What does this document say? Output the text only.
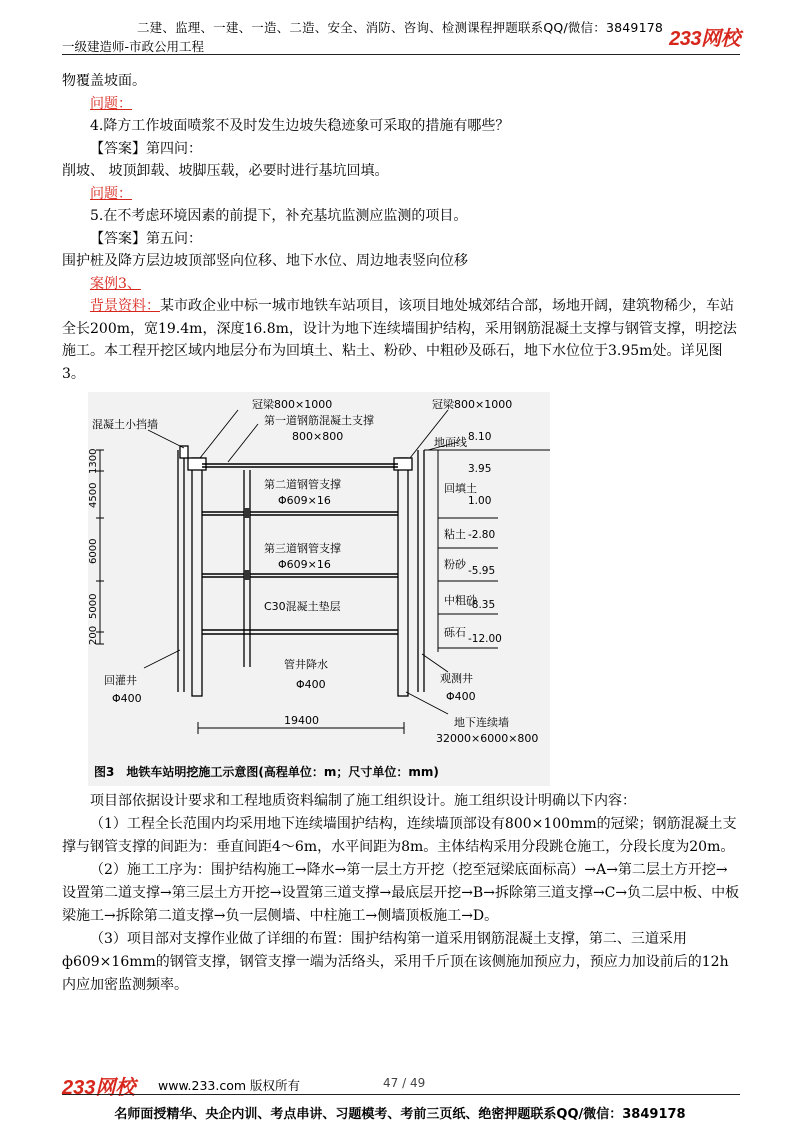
二建、监理、一建、一造、二造、安全、消防、咨询、检测课程押题联系QQ/微信：3849178
一级建造师-市政公用工程	233网校

物覆盖坡面。

问题：

4.降方工作坡面喷浆不及时发生边坡失稳迹象可采取的措施有哪些？

【答案】第四问：

削坡、 坡顶卸载、坡脚压载，必要时进行基坑回填。

问题：

5.在不考虑环境因素的前提下，补充基坑监测应监测的项目。

【答案】第五问：

围护桩及降方层边坡顶部竖向位移、地下水位、周边地表竖向位移

案例3、

背景资料：某市政企业中标一城市地铁车站项目，该项目地处城郊结合部，场地开阔，建筑物稀少，车站全长200m，宽19.4m，深度16.8m，设计为地下连续墙围护结构，采用钢筋混凝土支撑与钢管支撑，明挖法施工。本工程开挖区域内地层分布为回填土、粘土、粉砂、中粗砂及砾石，地下水位位于3.95m处。详见图3。

1300
4500
6000
5000
200
冠梁800×1000	冠梁800×1000
混凝土小挡墙	第一道钢筋混凝土支撑
800×800
第二道钢管支撑
Φ609×16
第三道钢管支撑
Φ609×16
C30混凝土垫层
管井降水
Φ400
回灌井
Φ400
观测井
Φ400
地下连续墙
32000×6000×800
地面线
19400
8.10
3.95
1.00
-2.80
-5.95
-8.35
-12.00
回填土
粘土
粉砂
中粗砂
砾石
图3　地铁车站明挖施工示意图(高程单位：m；尺寸单位：mm)

项目部依据设计要求和工程地质资料编制了施工组织设计。施工组织设计明确以下内容：

（1）工程全长范围内均采用地下连续墙围护结构，连续墙顶部设有800×100mm的冠梁；钢筋混凝土支撑与钢管支撑的间距为：垂直间距4～6m，水平间距为8m。主体结构采用分段跳仓施工，分段长度为20m。

（2）施工工序为：围护结构施工→降水→第一层土方开挖（挖至冠梁底面标高）→A→第二层土方开挖→设置第二道支撑→第三层土方开挖→设置第三道支撑→最底层开挖→B→拆除第三道支撑→C→负二层中板、中板梁施工→拆除第二道支撑→负一层侧墙、中柱施工→侧墙顶板施工→D。

（3）项目部对支撑作业做了详细的布置：围护结构第一道采用钢筋混凝土支撑，第二、三道采用ф609×16mm的钢管支撑，钢管支撑一端为活络头，采用千斤顶在该侧施加预应力，预应力加设前后的12h内应加密监测频率。

233网校 www.233.com 版权所有	47 / 49
名师面授精华、央企内训、考点串讲、习题模考、考前三页纸、绝密押题联系QQ/微信：3849178
